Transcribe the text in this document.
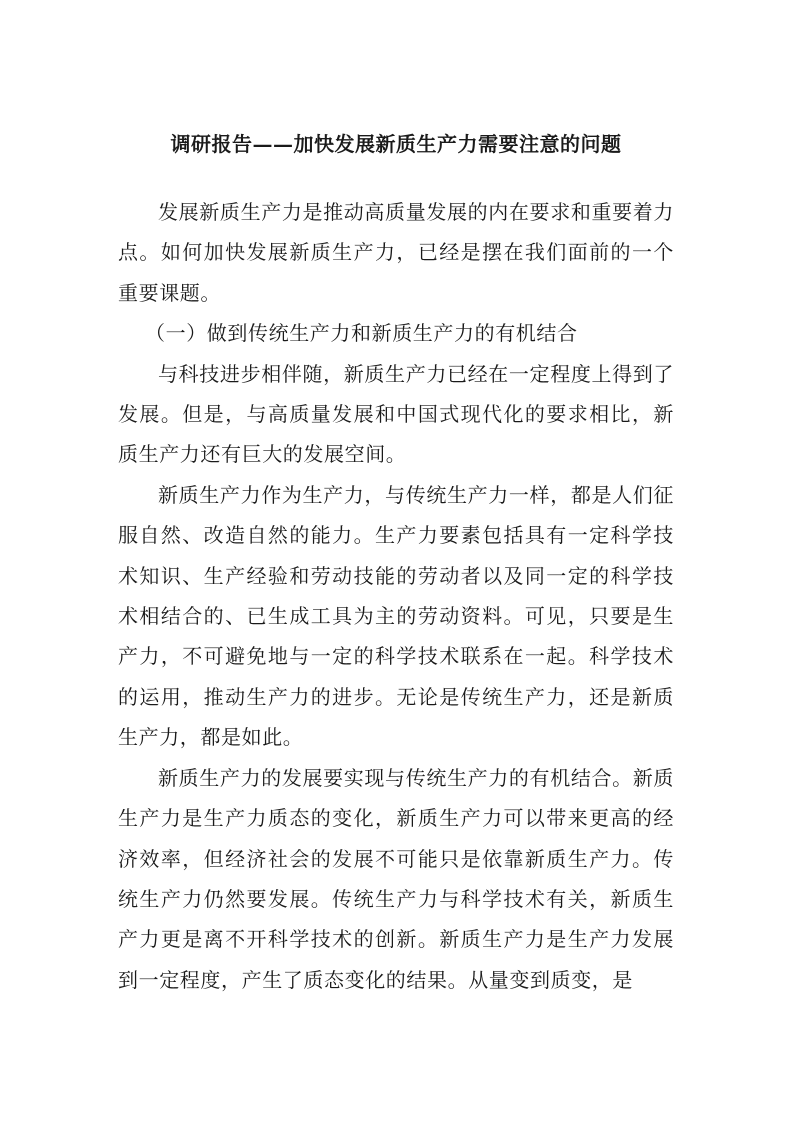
调研报告——加快发展新质生产力需要注意的问题

发展新质生产力是推动高质量发展的内在要求和重要着力点。如何加快发展新质生产力，已经是摆在我们面前的一个重要课题。

（一）做到传统生产力和新质生产力的有机结合

与科技进步相伴随，新质生产力已经在一定程度上得到了发展。但是，与高质量发展和中国式现代化的要求相比，新质生产力还有巨大的发展空间。

新质生产力作为生产力，与传统生产力一样，都是人们征服自然、改造自然的能力。生产力要素包括具有一定科学技术知识、生产经验和劳动技能的劳动者以及同一定的科学技术相结合的、已生成工具为主的劳动资料。可见，只要是生产力，不可避免地与一定的科学技术联系在一起。科学技术的运用，推动生产力的进步。无论是传统生产力，还是新质生产力，都是如此。

新质生产力的发展要实现与传统生产力的有机结合。新质生产力是生产力质态的变化，新质生产力可以带来更高的经济效率，但经济社会的发展不可能只是依靠新质生产力。传统生产力仍然要发展。传统生产力与科学技术有关，新质生产力更是离不开科学技术的创新。新质生产力是生产力发展到一定程度，产生了质态变化的结果。从量变到质变，是
